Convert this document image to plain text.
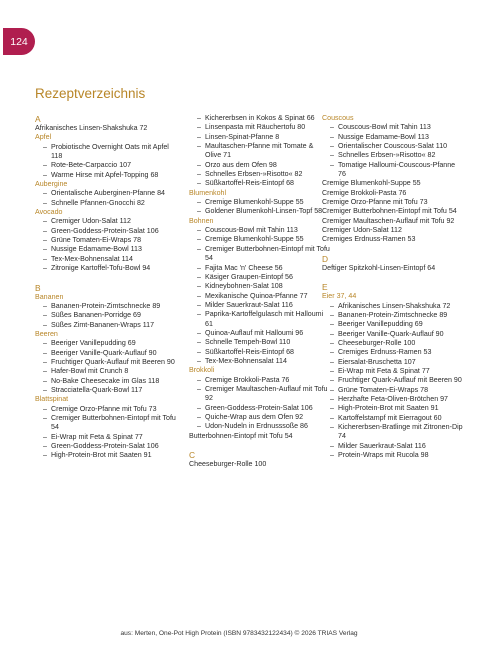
124
Rezeptverzeichnis
A
Afrikanisches Linsen-Shakshuka 72
Apfel
– Probiotische Overnight Oats mit Apfel 118
– Rote-Bete-Carpaccio 107
– Warme Hirse mit Apfel-Topping 68
Aubergine
– Orientalische Auberginen-Pfanne 84
– Schnelle Pfannen-Gnocchi 82
Avocado
– Cremiger Udon-Salat 112
– Green-Goddess-Protein-Salat 106
– Grüne Tomaten-Ei-Wraps 78
– Nussige Edamame-Bowl 113
– Tex-Mex-Bohnensalat 114
– Zitronige Kartoffel-Tofu-Bowl 94
B
Bananen
– Bananen-Protein-Zimtschnecke 89
– Süßes Bananen-Porridge 69
– Süßes Zimt-Bananen-Wraps 117
Beeren
– Beeriger Vanillepudding 69
– Beeriger Vanille-Quark-Auflauf 90
– Fruchtiger Quark-Auflauf mit Beeren 90
– Hafer-Bowl mit Crunch 8
– No-Bake Cheesecake im Glas 118
– Stracciatella-Quark-Bowl 117
Blattspinat
– Cremige Orzo-Pfanne mit Tofu 73
– Cremiger Butterbohnen-Eintopf mit Tofu 54
– Ei-Wrap mit Feta & Spinat 77
– Green-Goddess-Protein-Salat 106
– High-Protein-Brot mit Saaten 91
– Kichererbsen in Kokos & Spinat 66
– Linsenpasta mit Räuchertofu 80
– Linsen-Spinat-Pfanne 8
– Maultaschen-Pfanne mit Tomate & Olive 71
– Orzo aus dem Ofen 98
– Schnelles Erbsen-»Risotto« 82
– Süßkartoffel-Reis-Eintopf 68
Blumenkohl
– Cremige Blumenkohl-Suppe 55
– Goldener Blumenkohl-Linsen-Topf 58
Bohnen
– Couscous-Bowl mit Tahin 113
– Cremige Blumenkohl-Suppe 55
– Cremiger Butterbohnen-Eintopf mit Tofu 54
– Fajita Mac 'n' Cheese 56
– Käsiger Graupen-Eintopf 56
– Kidneybohnen-Salat 108
– Mexikanische Quinoa-Pfanne 77
– Milder Sauerkraut-Salat 116
– Paprika-Kartoffelgulasch mit Halloumi 61
– Quinoa-Auflauf mit Halloumi 96
– Schnelle Tempeh-Bowl 110
– Süßkartoffel-Reis-Eintopf 68
– Tex-Mex-Bohnensalat 114
Brokkoli
– Cremige Brokkoli-Pasta 76
– Cremiger Maultaschen-Auflauf mit Tofu 92
– Green-Goddess-Protein-Salat 106
– Quiche-Wrap aus dem Ofen 92
– Udon-Nudeln in Erdnusssoße 86
Butterbohnen-Eintopf mit Tofu 54
C
Cheeseburger-Rolle 100
Couscous
– Couscous-Bowl mit Tahin 113
– Nussige Edamame-Bowl 113
– Orientalischer Couscous-Salat 110
– Schnelles Erbsen-»Risotto« 82
– Tomatige Halloumi-Couscous-Pfanne 76
Cremige Blumenkohl-Suppe 55
Cremige Brokkoli-Pasta 76
Cremige Orzo-Pfanne mit Tofu 73
Cremiger Butterbohnen-Eintopf mit Tofu 54
Cremiger Maultaschen-Auflauf mit Tofu 92
Cremiger Udon-Salat 112
Cremiges Erdnuss-Ramen 53
D
Deftiger Spitzkohl-Linsen-Eintopf 64
E
Eier 37, 44
– Afrikanisches Linsen-Shakshuka 72
– Bananen-Protein-Zimtschnecke 89
– Beeriger Vanillepudding 69
– Beeriger Vanille-Quark-Auflauf 90
– Cheeseburger-Rolle 100
– Cremiges Erdnuss-Ramen 53
– Eiersalat-Bruschetta 107
– Ei-Wrap mit Feta & Spinat 77
– Fruchtiger Quark-Auflauf mit Beeren 90
– Grüne Tomaten-Ei-Wraps 78
– Herzhafte Feta-Oliven-Brötchen 97
– High-Protein-Brot mit Saaten 91
– Kartoffelstampf mit Eierragout 60
– Kichererbsen-Bratlinge mit Zitronen-Dip 74
– Milder Sauerkraut-Salat 116
– Protein-Wraps mit Rucola 98
aus: Merten, One-Pot High Protein (ISBN 9783432122434) © 2026 TRIAS Verlag
